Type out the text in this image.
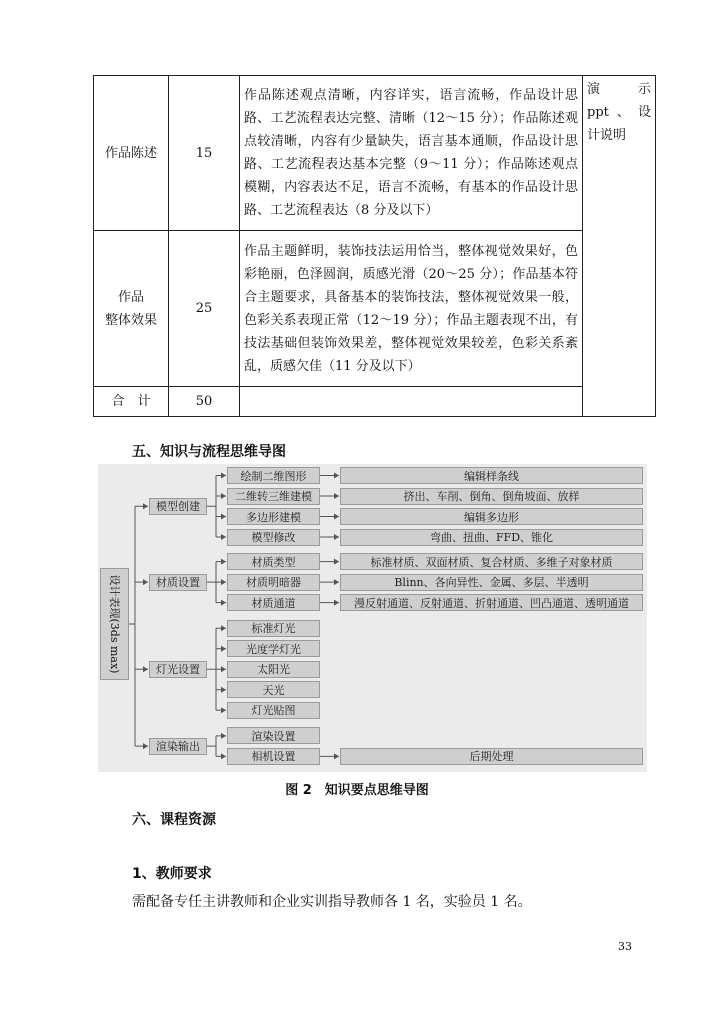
作品陈述	15	作品陈述观点清晰，内容详实，语言流畅，作品设计思路、工艺流程表达完整、清晰（12～15 分）；作品陈述观点较清晰，内容有少量缺失，语言基本通顺，作品设计思路、工艺流程表达基本完整（9～11 分）；作品陈述观点模糊，内容表达不足，语言不流畅，有基本的作品设计思路、工艺流程表达（8 分及以下）	演　　示
ppt、设
计说明

作品
整体效果	25	作品主题鲜明，装饰技法运用恰当，整体视觉效果好，色彩艳丽，色泽圆润，质感光滑（20～25 分）；作品基本符合主题要求，具备基本的装饰技法，整体视觉效果一般，色彩关系表现正常（12～19 分）；作品主题表现不出，有技法基础但装饰效果差，整体视觉效果较差，色彩关系紊乱，质感欠佳（11 分及以下）	
合　计	50		
五、知识与流程思维导图
设计表现(3ds max)
绘制二维图形	编辑样条线
二维转三维建模	挤出、车削、倒角、倒角坡面、放样
多边形建模	编辑多边形
模型修改	弯曲、扭曲、FFD、锥化
模型创建
材质类型	标准材质、双面材质、复合材质、多维子对象材质
材质明暗器	Blinn、各向异性、金属、多层、半透明
材质通道	漫反射通道、反射通道、折射通道、凹凸通道、透明通道
材质设置
标准灯光
光度学灯光
太阳光
天光
灯光贴图
灯光设置
渲染设置
相机设置	后期处理
渲染输出
图 2　知识要点思维导图
六、课程资源
1、教师要求
需配备专任主讲教师和企业实训指导教师各 1 名，实验员 1 名。
33
